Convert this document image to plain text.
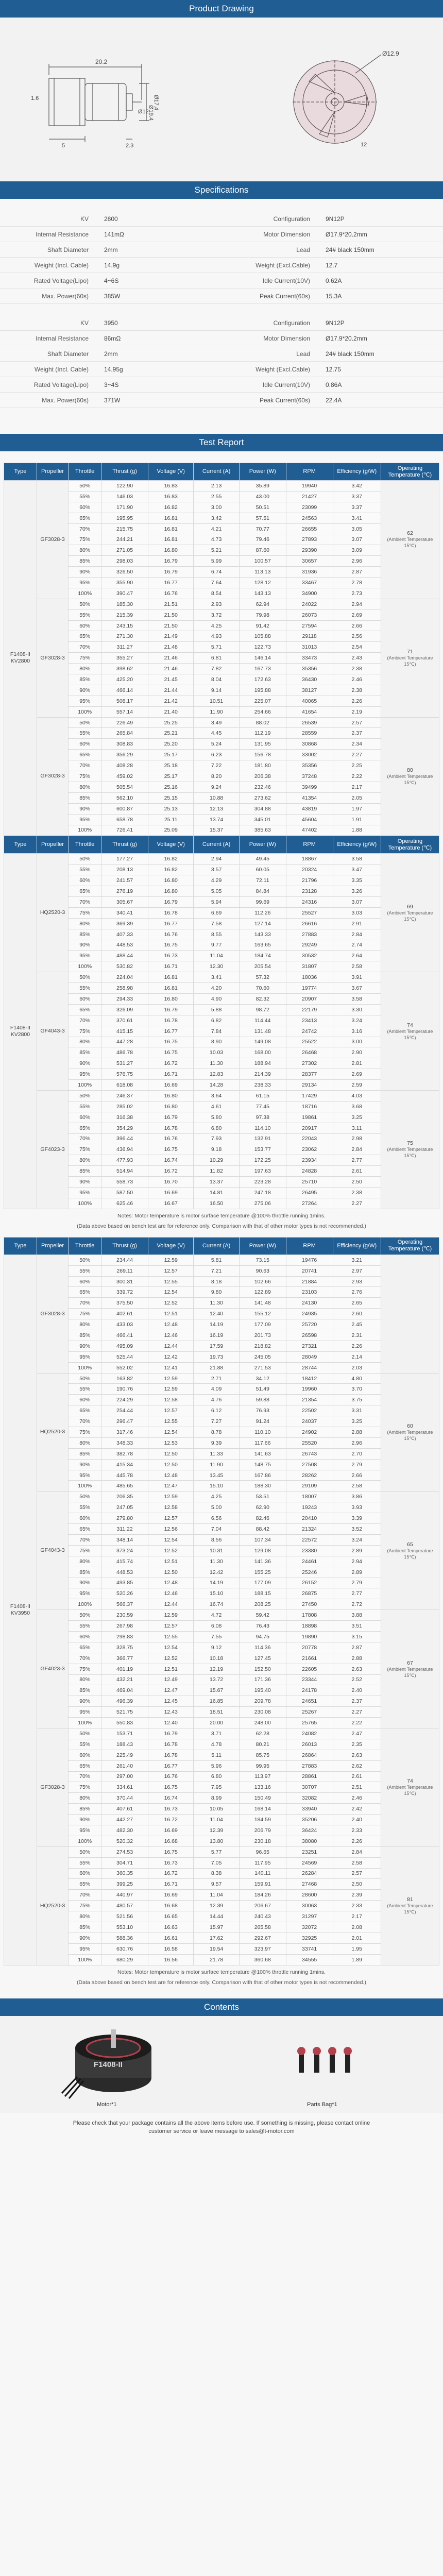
Product Drawing
20.2
5	2.3
1.6
Ø19.4
Ø17.4
Ø12
Ø12.9
12
Specifications
KV	2800	Configuration	9N12P
Internal Resistance	141mΩ	Motor Dimension	Ø17.9*20.2mm
Shaft Diameter	2mm	Lead	24# black 150mm
Weight (Incl. Cable)	14.9g	Weight (Excl.Cable)	12.7
Rated Voltage(Lipo)	4~6S	Idle Current(10V)	0.62A
Max. Power(60s)	385W	Peak Current(60s)	15.3A
KV	3950	Configuration	9N12P
Internal Resistance	86mΩ	Motor Dimension	Ø17.9*20.2mm
Shaft Diameter	2mm	Lead	24# black 150mm
Weight (Incl. Cable)	14.95g	Weight (Excl.Cable)	12.75
Rated Voltage(Lipo)	3~4S	Idle Current(10V)	0.86A
Max. Power(60s)	371W	Peak Current(60s)	22.4A
Test Report
Type	Propeller	Throttle	Thrust (g)	Voltage (V)	Current (A)	Power (W)	RPM	Efficiency (g/W)	Operating Temperature (℃)
F1408-II KV2800	GF3028-3	50%	122.90	16.83	2.13	35.89	19940	3.42	62
(Ambient Temperature 15℃)

		55%	146.03	16.83	2.55	43.00	21427	3.37	
		60%	171.90	16.82	3.00	50.51	23099	3.37	
		65%	195.95	16.81	3.42	57.51	24563	3.41	
		70%	215.75	16.81	4.21	70.77	26655	3.05	
		75%	244.21	16.81	4.73	79.46	27893	3.07	
		80%	271.05	16.80	5.21	87.60	29390	3.09	
		85%	298.03	16.79	5.99	100.57	30657	2.96	
		90%	326.50	16.79	6.74	113.13	31936	2.87	
		95%	355.90	16.77	7.64	128.12	33467	2.78	
		100%	390.47	16.76	8.54	143.13	34900	2.73	
	GF3028-3	50%	185.30	21.51	2.93	62.94	24022	2.94	71
(Ambient Temperature 15℃)

		55%	215.39	21.50	3.72	79.98	26073	2.69	
		60%	243.15	21.50	4.25	91.42	27594	2.66	
		65%	271.30	21.49	4.93	105.88	29118	2.56	
		70%	311.27	21.48	5.71	122.73	31013	2.54	
		75%	355.27	21.46	6.81	146.14	33473	2.43	
		80%	398.62	21.46	7.82	167.73	35356	2.38	
		85%	425.20	21.45	8.04	172.63	36430	2.46	
		90%	466.14	21.44	9.14	195.88	38127	2.38	
		95%	508.17	21.42	10.51	225.07	40065	2.26	
		100%	557.14	21.40	11.90	254.66	41654	2.19	
	GF3028-3	50%	226.49	25.25	3.49	88.02	26539	2.57	80
(Ambient Temperature 15℃)

		55%	265.84	25.21	4.45	112.19	28559	2.37	
		60%	308.83	25.20	5.24	131.95	30868	2.34	
		65%	356.29	25.17	6.23	156.78	33002	2.27	
		70%	408.28	25.18	7.22	181.80	35356	2.25	
		75%	459.02	25.17	8.20	206.38	37248	2.22	
		80%	505.54	25.16	9.24	232.46	39499	2.17	
		85%	562.10	25.15	10.88	273.62	41354	2.05	
		90%	600.87	25.13	12.13	304.88	43819	1.97	
		95%	658.78	25.11	13.74	345.01	45604	1.91	
		100%	726.41	25.09	15.37	385.63	47402	1.88	
Type	Propeller	Throttle	Thrust (g)	Voltage (V)	Current (A)	Power (W)	RPM	Efficiency (g/W)	Operating Temperature (℃)
F1408-II KV2800	HQ2520-3	50%	177.27	16.82	2.94	49.45	18867	3.58	69
(Ambient Temperature 15℃)

		55%	208.13	16.82	3.57	60.05	20324	3.47	
		60%	241.57	16.80	4.29	72.11	21796	3.35	
		65%	276.19	16.80	5.05	84.84	23128	3.26	
		70%	305.67	16.79	5.94	99.69	24316	3.07	
		75%	340.41	16.78	6.69	112.26	25527	3.03	
		80%	369.39	16.77	7.58	127.14	26616	2.91	
		85%	407.33	16.76	8.55	143.33	27883	2.84	
		90%	448.53	16.75	9.77	163.65	29249	2.74	
		95%	488.44	16.73	11.04	184.74	30532	2.64	
		100%	530.82	16.71	12.30	205.54	31807	2.58	
	GF4043-3	50%	224.04	16.81	3.41	57.32	18036	3.91	74
(Ambient Temperature 15℃)

		55%	258.98	16.81	4.20	70.60	19774	3.67	
		60%	294.33	16.80	4.90	82.32	20907	3.58	
		65%	326.09	16.79	5.88	98.72	22179	3.30	
		70%	370.61	16.78	6.82	114.44	23413	3.24	
		75%	415.15	16.77	7.84	131.48	24742	3.16	
		80%	447.28	16.75	8.90	149.08	25522	3.00	
		85%	486.78	16.75	10.03	168.00	26468	2.90	
		90%	531.27	16.72	11.30	188.94	27302	2.81	
		95%	576.75	16.71	12.83	214.39	28377	2.69	
		100%	618.08	16.69	14.28	238.33	29134	2.59	
	GF4023-3	50%	246.37	16.80	3.64	61.15	17429	4.03	75
(Ambient Temperature 15℃)

		55%	285.02	16.80	4.61	77.45	18716	3.68	
		60%	316.38	16.79	5.80	97.38	19861	3.25	
		65%	354.29	16.78	6.80	114.10	20917	3.11	
		70%	396.44	16.76	7.93	132.91	22043	2.98	
		75%	436.94	16.75	9.18	153.77	23062	2.84	
		80%	477.93	16.74	10.29	172.25	23934	2.77	
		85%	514.94	16.72	11.82	197.63	24828	2.61	
		90%	558.73	16.70	13.37	223.28	25710	2.50	
		95%	587.50	16.69	14.81	247.18	26495	2.38	
		100%	625.46	16.67	16.50	275.06	27264	2.27	
Notes: Motor temperature is motor surface temperature @100% throttle running 1mins.
(Data above based on bench test are for reference only. Comparison with that of other motor types is not recommended.)
Type	Propeller	Throttle	Thrust (g)	Voltage (V)	Current (A)	Power (W)	RPM	Efficiency (g/W)	Operating Temperature (℃)
F1408-II KV3950	GF3028-3	50%	234.44	12.59	5.81	73.15	19476	3.21	
		55%	269.11	12.57	7.21	90.63	20741	2.97	
		60%	300.31	12.55	8.18	102.66	21884	2.93	
		65%	339.72	12.54	9.80	122.89	23103	2.76	
		70%	375.50	12.52	11.30	141.48	24130	2.65	
		75%	402.61	12.51	12.40	155.12	24935	2.60	
		80%	433.03	12.48	14.19	177.09	25720	2.45	
		85%	466.41	12.46	16.19	201.73	26598	2.31	
		90%	495.09	12.44	17.59	218.82	27321	2.26	
		95%	525.44	12.42	19.73	245.05	28049	2.14	
		100%	552.02	12.41	21.88	271.53	28744	2.03	
	HQ2520-3	50%	163.82	12.59	2.71	34.12	18412	4.80	60
(Ambient Temperature 15℃)

		55%	190.76	12.59	4.09	51.49	19960	3.70	
		60%	224.29	12.58	4.76	59.88	21354	3.75	
		65%	254.44	12.57	6.12	76.93	22502	3.31	
		70%	296.47	12.55	7.27	91.24	24037	3.25	
		75%	317.46	12.54	8.78	110.10	24902	2.88	
		80%	348.33	12.53	9.39	117.66	25520	2.96	
		85%	382.78	12.50	11.33	141.63	26743	2.70	
		90%	415.34	12.50	11.90	148.75	27508	2.79	
		95%	445.78	12.48	13.45	167.86	28262	2.66	
		100%	485.65	12.47	15.10	188.30	29109	2.58	
	GF4043-3	50%	206.35	12.59	4.25	53.51	18007	3.86	65
(Ambient Temperature 15℃)

		55%	247.05	12.58	5.00	62.90	19243	3.93	
		60%	279.80	12.57	6.56	82.46	20410	3.39	
		65%	311.22	12.56	7.04	88.42	21324	3.52	
		70%	348.14	12.54	8.56	107.34	22572	3.24	
		75%	373.24	12.52	10.31	129.08	23380	2.89	
		80%	415.74	12.51	11.30	141.36	24461	2.94	
		85%	448.53	12.50	12.42	155.25	25246	2.89	
		90%	493.85	12.48	14.19	177.09	26152	2.79	
		95%	520.26	12.46	15.10	188.15	26875	2.77	
		100%	566.37	12.44	16.74	208.25	27450	2.72	
	GF4023-3	50%	230.59	12.59	4.72	59.42	17808	3.88	67
(Ambient Temperature 15℃)

		55%	267.98	12.57	6.08	76.43	18898	3.51	
		60%	298.83	12.55	7.55	94.75	19890	3.15	
		65%	328.75	12.54	9.12	114.36	20778	2.87	
		70%	366.77	12.52	10.18	127.45	21661	2.88	
		75%	401.19	12.51	12.19	152.50	22605	2.63	
		80%	432.21	12.49	13.72	171.36	23344	2.52	
		85%	469.04	12.47	15.67	195.40	24178	2.40	
		90%	496.39	12.45	16.85	209.78	24651	2.37	
		95%	521.75	12.43	18.51	230.08	25267	2.27	
		100%	550.83	12.40	20.00	248.00	25765	2.22	
	GF3028-3	50%	153.71	16.79	3.71	62.28	24082	2.47	74
(Ambient Temperature 15℃)

		55%	188.43	16.78	4.78	80.21	26013	2.35	
		60%	225.49	16.78	5.11	85.75	26864	2.63	
		65%	261.40	16.77	5.96	99.95	27883	2.62	
		70%	297.00	16.76	6.80	113.97	28861	2.61	
		75%	334.61	16.75	7.95	133.16	30707	2.51	
		80%	370.44	16.74	8.99	150.49	32082	2.46	
		85%	407.61	16.73	10.05	168.14	33940	2.42	
		90%	442.27	16.72	11.04	184.59	35206	2.40	
		95%	482.30	16.69	12.39	206.79	36424	2.33	
		100%	520.32	16.68	13.80	230.18	38080	2.26	
	HQ2520-3	50%	274.53	16.75	5.77	96.65	23251	2.84	81
(Ambient Temperature 15℃)

		55%	304.71	16.73	7.05	117.95	24569	2.58	
		60%	360.35	16.72	8.38	140.11	26284	2.57	
		65%	399.25	16.71	9.57	159.91	27468	2.50	
		70%	440.97	16.69	11.04	184.26	28600	2.39	
		75%	480.57	16.68	12.39	206.67	30063	2.33	
		80%	521.56	16.65	14.44	240.43	31297	2.17	
		85%	553.10	16.63	15.97	265.58	32072	2.08	
		90%	588.36	16.61	17.62	292.67	32925	2.01	
		95%	630.76	16.58	19.54	323.97	33741	1.95	
		100%	680.29	16.56	21.78	360.68	34555	1.89	
Notes: Motor temperature is motor surface temperature @100% throttle running 1mins.
(Data above based on bench test are for reference only. Comparison with that of other motor types is not recommended.)
Contents
F1408-II
Motor*1	Parts Bag*1
Please check that your package contains all the above items before use. If something is missing, please contact online
customer service or leave message to sales@t-motor.com
